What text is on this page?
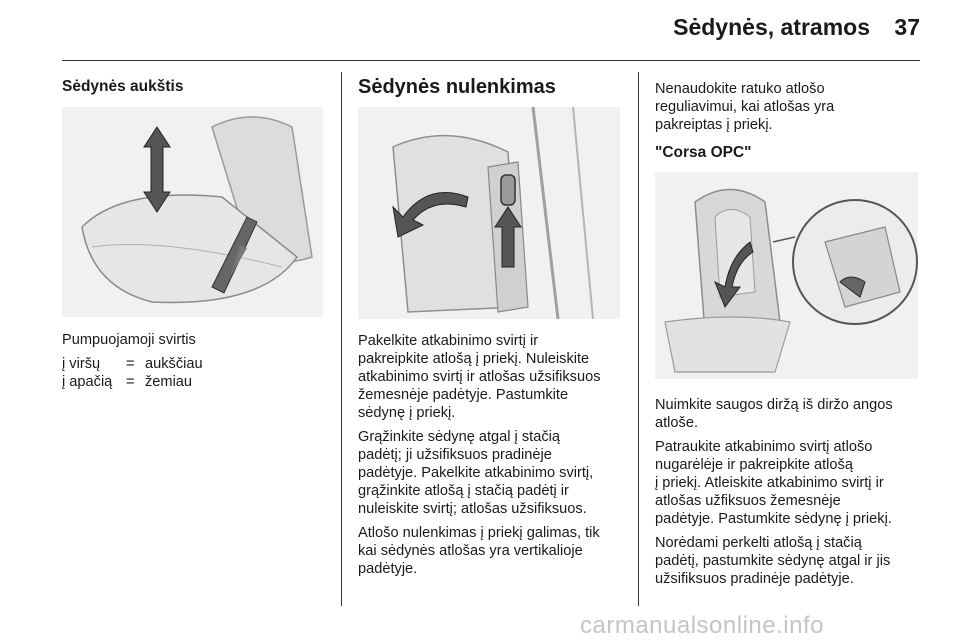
Sėdynės, atramos	37
Sėdynės aukštis
Pumpuojamoji svirtis
į viršų	=	aukščiau
į apačią	=	žemiau
Sėdynės nulenkimas

Pakelkite atkabinimo svirtį ir

pakreipkite atlošą į priekį. Nuleiskite

atkabinimo svirtį ir atlošas užsifiksuos

žemesnėje padėtyje. Pastumkite

sėdynę į priekį.

Grąžinkite sėdynę atgal į stačią

padėtį; ji užsifiksuos pradinėje

padėtyje. Pakelkite atkabinimo svirtį,

grąžinkite atlošą į stačią padėtį ir

nuleiskite svirtį; atlošas užsifiksuos.

Atlošo nulenkimas į priekį galimas, tik

kai sėdynės atlošas yra vertikalioje

padėtyje.

Nenaudokite ratuko atlošo

reguliavimui, kai atlošas yra

pakreiptas į priekį.

"Corsa OPC"

Nuimkite saugos diržą iš diržo angos

atloše.

Patraukite atkabinimo svirtį atlošo

nugarėlėje ir pakreipkite atlošą

į priekį. Atleiskite atkabinimo svirtį ir

atlošas užfiksuos žemesnėje

padėtyje. Pastumkite sėdynę į priekį.

Norėdami perkelti atlošą į stačią

padėtį, pastumkite sėdynę atgal ir jis

užsifiksuos pradinėje padėtyje.

carmanualsonline.info
